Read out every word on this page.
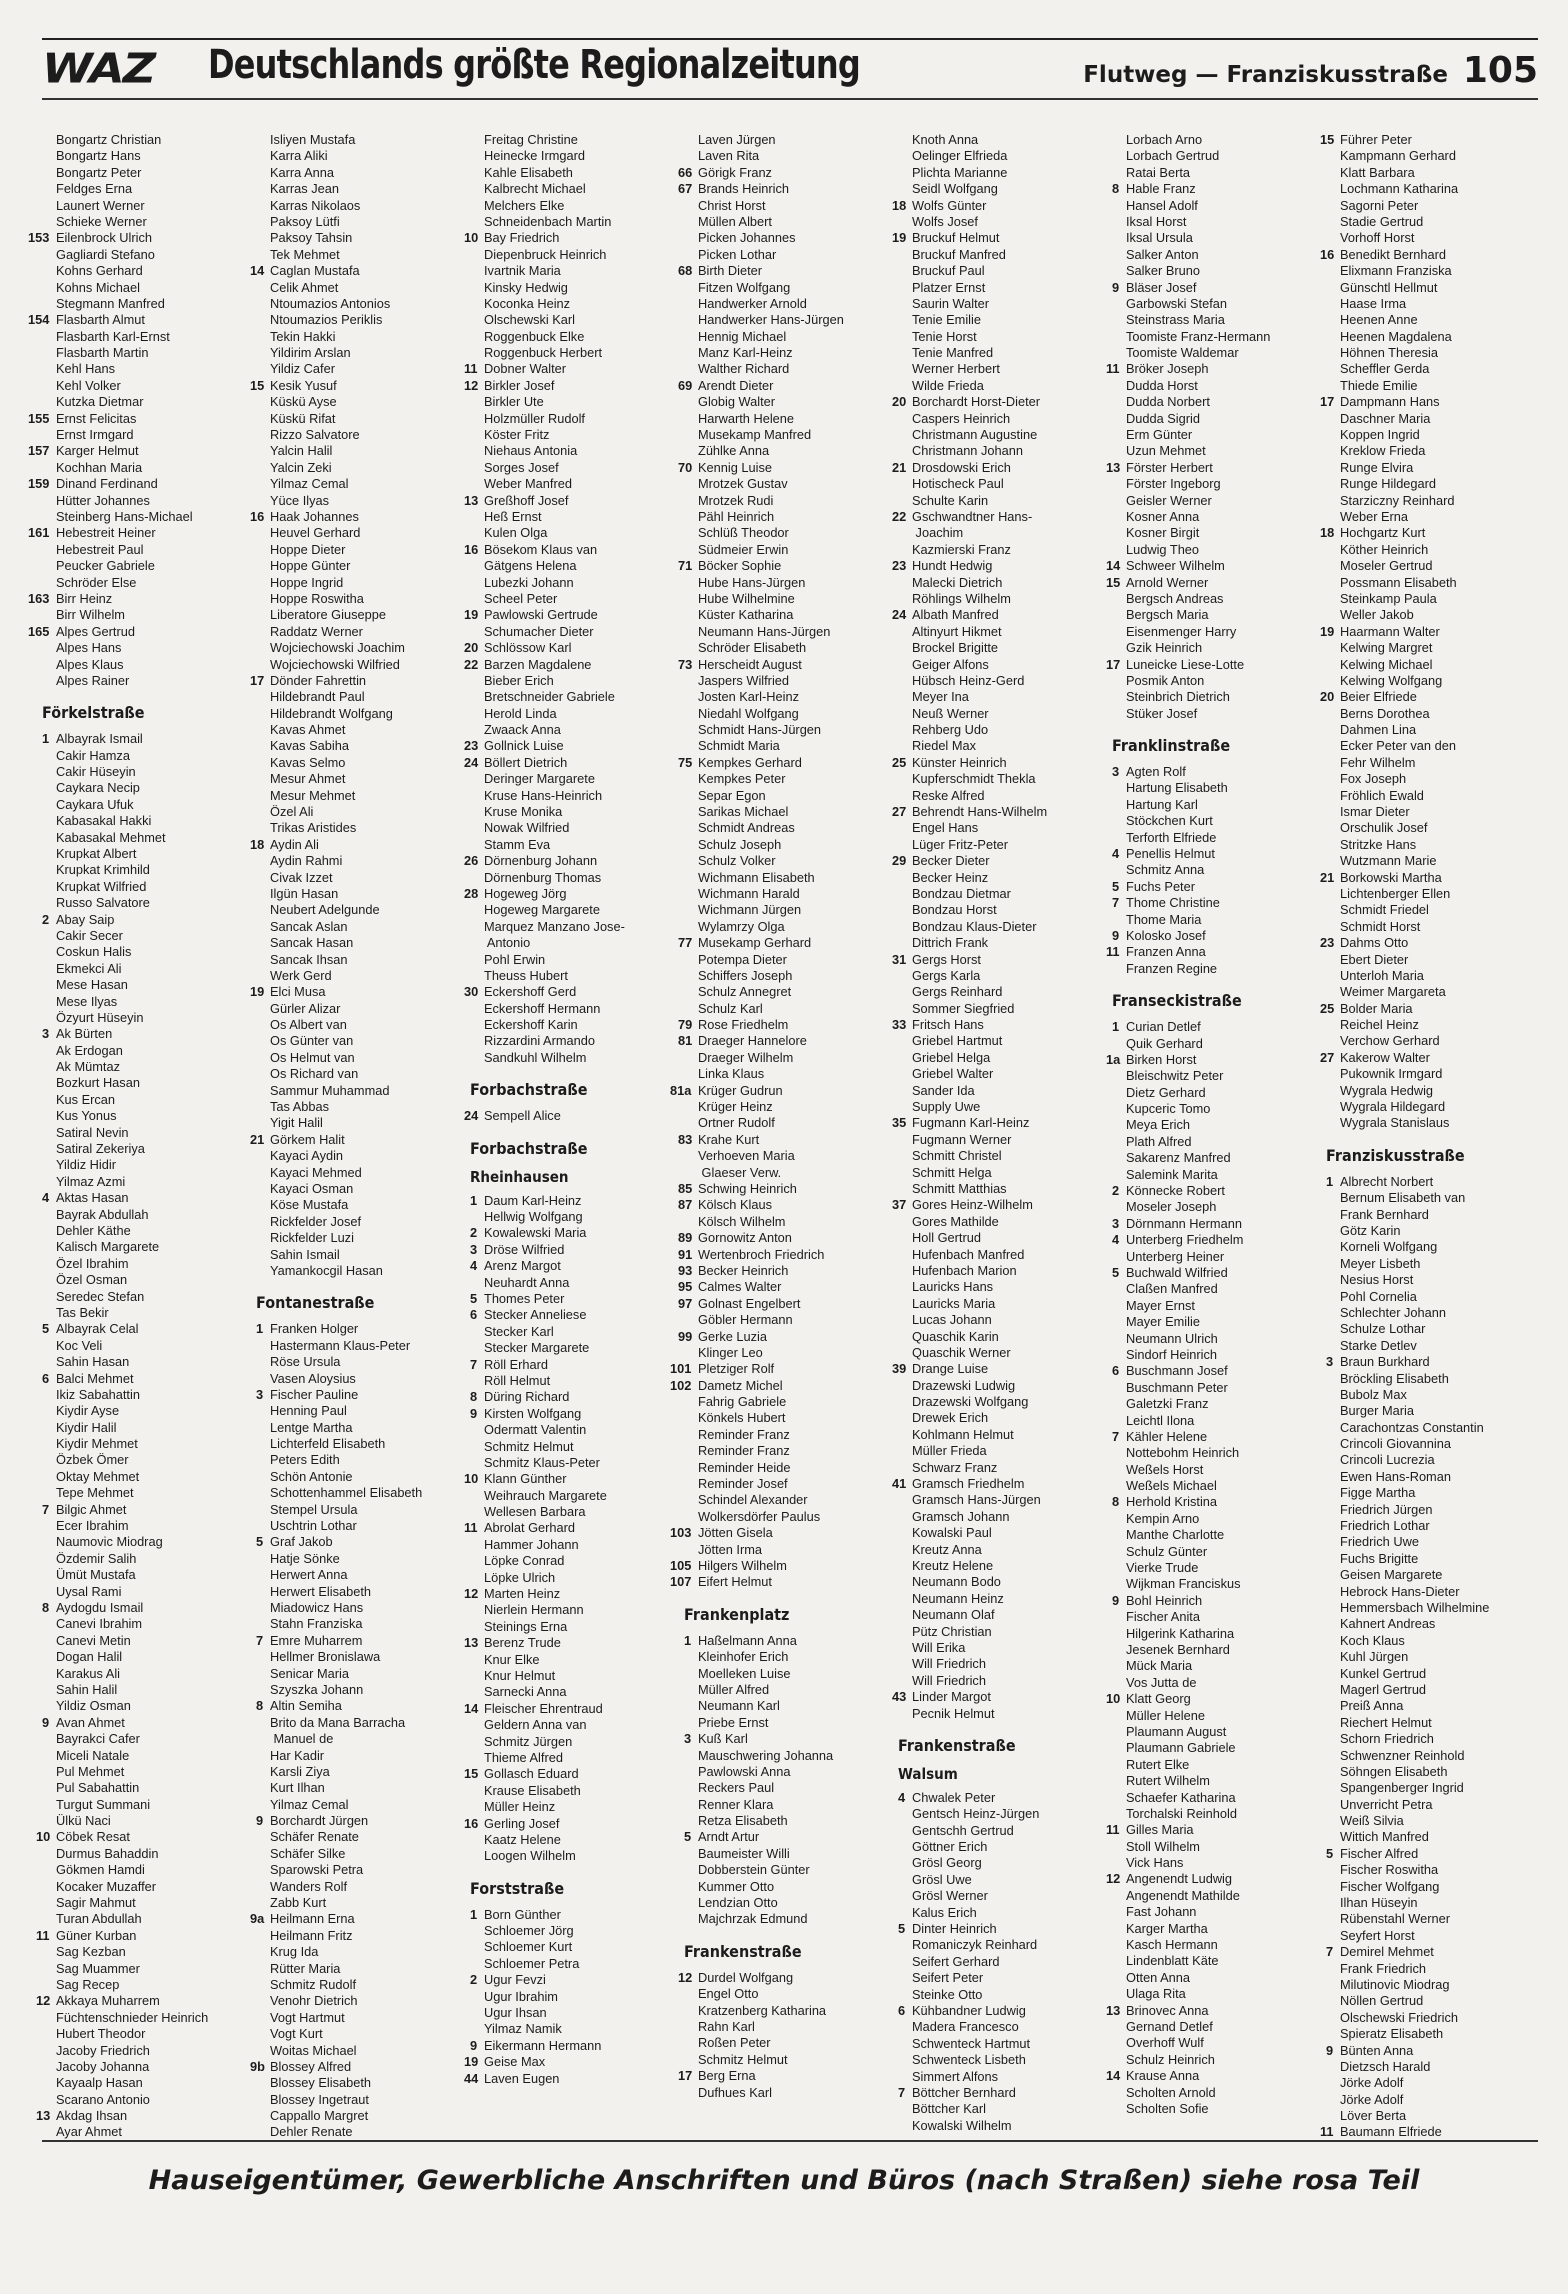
WAZ Deutschlands größte Regionalzeitung	Flutweg — Franziskusstraße 105
Bongartz Christian
Bongartz Hans
Bongartz Peter
Feldges Erna
Launert Werner
Schieke Werner
153 Eilenbrock Ulrich
Gagliardi Stefano
Kohns Gerhard
Kohns Michael
Stegmann Manfred
154 Flasbarth Almut
Flasbarth Karl-Ernst
Flasbarth Martin
Kehl Hans
Kehl Volker
Kutzka Dietmar
155 Ernst Felicitas
Ernst Irmgard
157 Karger Helmut
Kochhan Maria
159 Dinand Ferdinand
Hütter Johannes
Steinberg Hans-Michael
161 Hebestreit Heiner
Hebestreit Paul
Peucker Gabriele
Schröder Else
163 Birr Heinz
Birr Wilhelm
165 Alpes Gertrud
Alpes Hans
Alpes Klaus
Alpes Rainer
Förkelstraße
1 Albayrak Ismail
Cakir Hamza
Cakir Hüseyin
Caykara Necip
Caykara Ufuk
Kabasakal Hakki
Kabasakal Mehmet
Krupkat Albert
Krupkat Krimhild
Krupkat Wilfried
Russo Salvatore
2 Abay Saip
Cakir Secer
Coskun Halis
Ekmekci Ali
Mese Hasan
Mese Ilyas
Özyurt Hüseyin
3 Ak Bürten
Ak Erdogan
Ak Mümtaz
Bozkurt Hasan
Kus Ercan
Kus Yonus
Satiral Nevin
Satiral Zekeriya
Yildiz Hidir
Yilmaz Azmi
4 Aktas Hasan
Bayrak Abdullah
Dehler Käthe
Kalisch Margarete
Özel Ibrahim
Özel Osman
Seredec Stefan
Tas Bekir
5 Albayrak Celal
Koc Veli
Sahin Hasan
6 Balci Mehmet
Ikiz Sabahattin
Kiydir Ayse
Kiydir Halil
Kiydir Mehmet
Özbek Ömer
Oktay Mehmet
Tepe Mehmet
7 Bilgic Ahmet
Ecer Ibrahim
Naumovic Miodrag
Özdemir Salih
Ümüt Mustafa
Uysal Rami
8 Aydogdu Ismail
Canevi Ibrahim
Canevi Metin
Dogan Halil
Karakus Ali
Sahin Halil
Yildiz Osman
9 Avan Ahmet
Bayrakci Cafer
Miceli Natale
Pul Mehmet
Pul Sabahattin
Turgut Summani
Ülkü Naci
10 Cöbek Resat
Durmus Bahaddin
Gökmen Hamdi
Kocaker Muzaffer
Sagir Mahmut
Turan Abdullah
11 Güner Kurban
Sag Kezban
Sag Muammer
Sag Recep
12 Akkaya Muharrem
Füchtenschnieder Heinrich
Hubert Theodor
Jacoby Friedrich
Jacoby Johanna
Kayaalp Hasan
Scarano Antonio
13 Akdag Ihsan
Ayar Ahmet
Isliyen Mustafa
Karra Aliki
Karra Anna
Karras Jean
Karras Nikolaos
Paksoy Lütfi
Paksoy Tahsin
Tek Mehmet
14 Caglan Mustafa
Celik Ahmet
Ntoumazios Antonios
Ntoumazios Periklis
Tekin Hakki
Yildirim Arslan
Yildiz Cafer
15 Kesik Yusuf
Küskü Ayse
Küskü Rifat
Rizzo Salvatore
Yalcin Halil
Yalcin Zeki
Yilmaz Cemal
Yüce Ilyas
16 Haak Johannes
Heuvel Gerhard
Hoppe Dieter
Hoppe Günter
Hoppe Ingrid
Hoppe Roswitha
Liberatore Giuseppe
Raddatz Werner
Wojciechowski Joachim
Wojciechowski Wilfried
17 Dönder Fahrettin
Hildebrandt Paul
Hildebrandt Wolfgang
Kavas Ahmet
Kavas Sabiha
Kavas Selmo
Mesur Ahmet
Mesur Mehmet
Özel Ali
Trikas Aristides
18 Aydin Ali
Aydin Rahmi
Civak Izzet
Ilgün Hasan
Neubert Adelgunde
Sancak Aslan
Sancak Hasan
Sancak Ihsan
Werk Gerd
19 Elci Musa
Gürler Alizar
Os Albert van
Os Günter van
Os Helmut van
Os Richard van
Sammur Muhammad
Tas Abbas
Yigit Halil
21 Görkem Halit
Kayaci Aydin
Kayaci Mehmed
Kayaci Osman
Köse Mustafa
Rickfelder Josef
Rickfelder Luzi
Sahin Ismail
Yamankocgil Hasan
Fontanestraße
1 Franken Holger
Hastermann Klaus-Peter
Röse Ursula
Vasen Aloysius
3 Fischer Pauline
Henning Paul
Lentge Martha
Lichterfeld Elisabeth
Peters Edith
Schön Antonie
Schottenhammel Elisabeth
Stempel Ursula
Uschtrin Lothar
5 Graf Jakob
Hatje Sönke
Herwert Anna
Herwert Elisabeth
Miadowicz Hans
Stahn Franziska
7 Emre Muharrem
Hellmer Bronislawa
Senicar Maria
Szyszka Johann
8 Altin Semiha
Brito da Mana Barracha
Manuel de
Har Kadir
Karsli Ziya
Kurt Ilhan
Yilmaz Cemal
9 Borchardt Jürgen
Schäfer Renate
Schäfer Silke
Sparowski Petra
Wanders Rolf
Zabb Kurt
9a Heilmann Erna
Heilmann Fritz
Krug Ida
Rütter Maria
Schmitz Rudolf
Venohr Dietrich
Vogt Hartmut
Vogt Kurt
Woitas Michael
9b Blossey Alfred
Blossey Elisabeth
Blossey Ingetraut
Cappallo Margret
Dehler Renate
Freitag Christine
Heinecke Irmgard
Kahle Elisabeth
Kalbrecht Michael
Melchers Elke
Schneidenbach Martin
10 Bay Friedrich
Diepenbruck Heinrich
Ivartnik Maria
Kinsky Hedwig
Koconka Heinz
Olschewski Karl
Roggenbuck Elke
Roggenbuck Herbert
11 Dobner Walter
12 Birkler Josef
Birkler Ute
Holzmüller Rudolf
Köster Fritz
Niehaus Antonia
Sorges Josef
Weber Manfred
13 Greßhoff Josef
Heß Ernst
Kulen Olga
16 Bösekom Klaus van
Gätgens Helena
Lubezki Johann
Scheel Peter
19 Pawlowski Gertrude
Schumacher Dieter
20 Schlössow Karl
22 Barzen Magdalene
Bieber Erich
Bretschneider Gabriele
Herold Linda
Zwaack Anna
23 Gollnick Luise
24 Böllert Dietrich
Deringer Margarete
Kruse Hans-Heinrich
Kruse Monika
Nowak Wilfried
Stamm Eva
26 Dörnenburg Johann
Dörnenburg Thomas
28 Hogeweg Jörg
Hogeweg Margarete
Marquez Manzano Jose-
Antonio
Pohl Erwin
Theuss Hubert
30 Eckershoff Gerd
Eckershoff Hermann
Eckershoff Karin
Rizzardini Armando
Sandkuhl Wilhelm
Forbachstraße
24 Sempell Alice
Forbachstraße
Rheinhausen
1 Daum Karl-Heinz
Hellwig Wolfgang
2 Kowalewski Maria
3 Dröse Wilfried
4 Arenz Margot
Neuhardt Anna
5 Thomes Peter
6 Stecker Anneliese
Stecker Karl
Stecker Margarete
7 Röll Erhard
Röll Helmut
8 Düring Richard
9 Kirsten Wolfgang
Odermatt Valentin
Schmitz Helmut
Schmitz Klaus-Peter
10 Klann Günther
Weihrauch Margarete
Wellesen Barbara
11 Abrolat Gerhard
Hammer Johann
Löpke Conrad
Löpke Ulrich
12 Marten Heinz
Nierlein Hermann
Steinings Erna
13 Berenz Trude
Knur Elke
Knur Helmut
Sarnecki Anna
14 Fleischer Ehrentraud
Geldern Anna van
Schmitz Jürgen
Thieme Alfred
15 Gollasch Eduard
Krause Elisabeth
Müller Heinz
16 Gerling Josef
Kaatz Helene
Loogen Wilhelm
Forststraße
1 Born Günther
Schloemer Jörg
Schloemer Kurt
Schloemer Petra
2 Ugur Fevzi
Ugur Ibrahim
Ugur Ihsan
Yilmaz Namik
9 Eikermann Hermann
19 Geise Max
44 Laven Eugen
Laven Jürgen
Laven Rita
66 Görigk Franz
67 Brands Heinrich
Christ Horst
Müllen Albert
Picken Johannes
Picken Lothar
68 Birth Dieter
Fitzen Wolfgang
Handwerker Arnold
Handwerker Hans-Jürgen
Hennig Michael
Manz Karl-Heinz
Walther Richard
69 Arendt Dieter
Globig Walter
Harwarth Helene
Musekamp Manfred
Zühlke Anna
70 Kennig Luise
Mrotzek Gustav
Mrotzek Rudi
Pähl Heinrich
Schlüß Theodor
Südmeier Erwin
71 Böcker Sophie
Hube Hans-Jürgen
Hube Wilhelmine
Küster Katharina
Neumann Hans-Jürgen
Schröder Elisabeth
73 Herscheidt August
Jaspers Wilfried
Josten Karl-Heinz
Niedahl Wolfgang
Schmidt Hans-Jürgen
Schmidt Maria
75 Kempkes Gerhard
Kempkes Peter
Separ Egon
Sarikas Michael
Schmidt Andreas
Schulz Joseph
Schulz Volker
Wichmann Elisabeth
Wichmann Harald
Wichmann Jürgen
Wylamrzy Olga
77 Musekamp Gerhard
Potempa Dieter
Schiffers Joseph
Schulz Annegret
Schulz Karl
79 Rose Friedhelm
81 Draeger Hannelore
Draeger Wilhelm
Linka Klaus
81a Krüger Gudrun
Krüger Heinz
Ortner Rudolf
83 Krahe Kurt
Verhoeven Maria
Glaeser Verw.
85 Schwing Heinrich
87 Kölsch Klaus
Kölsch Wilhelm
89 Gornowitz Anton
91 Wertenbroch Friedrich
93 Becker Heinrich
95 Calmes Walter
97 Golnast Engelbert
Göbler Hermann
99 Gerke Luzia
Klinger Leo
101 Pletziger Rolf
102 Dametz Michel
Fahrig Gabriele
Könkels Hubert
Reminder Franz
Reminder Franz
Reminder Heide
Reminder Josef
Schindel Alexander
Wolkersdörfer Paulus
103 Jötten Gisela
Jötten Irma
105 Hilgers Wilhelm
107 Eifert Helmut
Frankenplatz
1 Haßelmann Anna
Kleinhofer Erich
Moelleken Luise
Müller Alfred
Neumann Karl
Priebe Ernst
3 Kuß Karl
Mauschwering Johanna
Pawlowski Anna
Reckers Paul
Renner Klara
Retza Elisabeth
5 Arndt Artur
Baumeister Willi
Dobberstein Günter
Kummer Otto
Lendzian Otto
Majchrzak Edmund
Frankenstraße
12 Durdel Wolfgang
Engel Otto
Kratzenberg Katharina
Rahn Karl
Roßen Peter
Schmitz Helmut
17 Berg Erna
Dufhues Karl
Knoth Anna
Oelinger Elfrieda
Plichta Marianne
Seidl Wolfgang
18 Wolfs Günter
Wolfs Josef
19 Bruckuf Helmut
Bruckuf Manfred
Bruckuf Paul
Platzer Ernst
Saurin Walter
Tenie Emilie
Tenie Horst
Tenie Manfred
Werner Herbert
Wilde Frieda
20 Borchardt Horst-Dieter
Caspers Heinrich
Christmann Augustine
Christmann Johann
21 Drosdowski Erich
Hotischeck Paul
Schulte Karin
22 Gschwandtner Hans-
Joachim
Kazmierski Franz
23 Hundt Hedwig
Malecki Dietrich
Röhlings Wilhelm
24 Albath Manfred
Altinyurt Hikmet
Brockel Brigitte
Geiger Alfons
Hübsch Heinz-Gerd
Meyer Ina
Neuß Werner
Rehberg Udo
Riedel Max
25 Künster Heinrich
Kupferschmidt Thekla
Reske Alfred
27 Behrendt Hans-Wilhelm
Engel Hans
Lüger Fritz-Peter
29 Becker Dieter
Becker Heinz
Bondzau Dietmar
Bondzau Horst
Bondzau Klaus-Dieter
Dittrich Frank
31 Gergs Horst
Gergs Karla
Gergs Reinhard
Sommer Siegfried
33 Fritsch Hans
Griebel Hartmut
Griebel Helga
Griebel Walter
Sander Ida
Supply Uwe
35 Fugmann Karl-Heinz
Fugmann Werner
Schmitt Christel
Schmitt Helga
Schmitt Matthias
37 Gores Heinz-Wilhelm
Gores Mathilde
Holl Gertrud
Hufenbach Manfred
Hufenbach Marion
Lauricks Hans
Lauricks Maria
Lucas Johann
Quaschik Karin
Quaschik Werner
39 Drange Luise
Drazewski Ludwig
Drazewski Wolfgang
Drewek Erich
Kohlmann Helmut
Müller Frieda
Schwarz Franz
41 Gramsch Friedhelm
Gramsch Hans-Jürgen
Gramsch Johann
Kowalski Paul
Kreutz Anna
Kreutz Helene
Neumann Bodo
Neumann Heinz
Neumann Olaf
Pütz Christian
Will Erika
Will Friedrich
Will Friedrich
43 Linder Margot
Pecnik Helmut
Frankenstraße
Walsum
4 Chwalek Peter
Gentsch Heinz-Jürgen
Gentschh Gertrud
Göttner Erich
Grösl Georg
Grösl Uwe
Grösl Werner
Kalus Erich
5 Dinter Heinrich
Romaniczyk Reinhard
Seifert Gerhard
Seifert Peter
Steinke Otto
6 Kühbandner Ludwig
Madera Francesco
Schwenteck Hartmut
Schwenteck Lisbeth
Simmert Alfons
7 Böttcher Bernhard
Böttcher Karl
Kowalski Wilhelm
Lorbach Arno
Lorbach Gertrud
Ratai Berta
8 Hable Franz
Hansel Adolf
Iksal Horst
Iksal Ursula
Salker Anton
Salker Bruno
9 Bläser Josef
Garbowski Stefan
Steinstrass Maria
Toomiste Franz-Hermann
Toomiste Waldemar
11 Bröker Joseph
Dudda Horst
Dudda Norbert
Dudda Sigrid
Erm Günter
Uzun Mehmet
13 Förster Herbert
Förster Ingeborg
Geisler Werner
Kosner Anna
Kosner Birgit
Ludwig Theo
14 Schweer Wilhelm
15 Arnold Werner
Bergsch Andreas
Bergsch Maria
Eisenmenger Harry
Gzik Heinrich
17 Luneicke Liese-Lotte
Posmik Anton
Steinbrich Dietrich
Stüker Josef
Franklinstraße
3 Agten Rolf
Hartung Elisabeth
Hartung Karl
Stöckchen Kurt
Terforth Elfriede
4 Penellis Helmut
Schmitz Anna
5 Fuchs Peter
7 Thome Christine
Thome Maria
9 Kolosko Josef
11 Franzen Anna
Franzen Regine
Franseckistraße
1 Curian Detlef
Quik Gerhard
1a Birken Horst
Bleischwitz Peter
Dietz Gerhard
Kupceric Tomo
Meya Erich
Plath Alfred
Sakarenz Manfred
Salemink Marita
2 Könnecke Robert
Moseler Joseph
3 Dörnmann Hermann
4 Unterberg Friedhelm
Unterberg Heiner
5 Buchwald Wilfried
Claßen Manfred
Mayer Ernst
Mayer Emilie
Neumann Ulrich
Sindorf Heinrich
6 Buschmann Josef
Buschmann Peter
Galetzki Franz
Leichtl Ilona
7 Kähler Helene
Nottebohm Heinrich
Weßels Horst
Weßels Michael
8 Herhold Kristina
Kempin Arno
Manthe Charlotte
Schulz Günter
Vierke Trude
Wijkman Franciskus
9 Bohl Heinrich
Fischer Anita
Hilgerink Katharina
Jesenek Bernhard
Mück Maria
Vos Jutta de
10 Klatt Georg
Müller Helene
Plaumann August
Plaumann Gabriele
Rutert Elke
Rutert Wilhelm
Schaefer Katharina
Torchalski Reinhold
11 Gilles Maria
Stoll Wilhelm
Vick Hans
12 Angenendt Ludwig
Angenendt Mathilde
Fast Johann
Karger Martha
Kasch Hermann
Lindenblatt Käte
Otten Anna
Ulaga Rita
13 Brinovec Anna
Gernand Detlef
Overhoff Wulf
Schulz Heinrich
14 Krause Anna
Scholten Arnold
Scholten Sofie
15 Führer Peter
Kampmann Gerhard
Klatt Barbara
Lochmann Katharina
Sagorni Peter
Stadie Gertrud
Vorhoff Horst
16 Benedikt Bernhard
Elixmann Franziska
Günschtl Hellmut
Haase Irma
Heenen Anne
Heenen Magdalena
Höhnen Theresia
Scheffler Gerda
Thiede Emilie
17 Dampmann Hans
Daschner Maria
Koppen Ingrid
Kreklow Frieda
Runge Elvira
Runge Hildegard
Starziczny Reinhard
Weber Erna
18 Hochgartz Kurt
Köther Heinrich
Moseler Gertrud
Possmann Elisabeth
Steinkamp Paula
Weller Jakob
19 Haarmann Walter
Kelwing Margret
Kelwing Michael
Kelwing Wolfgang
20 Beier Elfriede
Berns Dorothea
Dahmen Lina
Ecker Peter van den
Fehr Wilhelm
Fox Joseph
Fröhlich Ewald
Ismar Dieter
Orschulik Josef
Stritzke Hans
Wutzmann Marie
21 Borkowski Martha
Lichtenberger Ellen
Schmidt Friedel
Schmidt Horst
23 Dahms Otto
Ebert Dieter
Unterloh Maria
Weimer Margareta
25 Bolder Maria
Reichel Heinz
Verchow Gerhard
27 Kakerow Walter
Pukownik Irmgard
Wygrala Hedwig
Wygrala Hildegard
Wygrala Stanislaus
Franziskusstraße
1 Albrecht Norbert
Bernum Elisabeth van
Frank Bernhard
Götz Karin
Korneli Wolfgang
Meyer Lisbeth
Nesius Horst
Pohl Cornelia
Schlechter Johann
Schulze Lothar
Starke Detlev
3 Braun Burkhard
Bröckling Elisabeth
Bubolz Max
Burger Maria
Carachontzas Constantin
Crincoli Giovannina
Crincoli Lucrezia
Ewen Hans-Roman
Figge Martha
Friedrich Jürgen
Friedrich Lothar
Friedrich Uwe
Fuchs Brigitte
Geisen Margarete
Hebrock Hans-Dieter
Hemmersbach Wilhelmine
Kahnert Andreas
Koch Klaus
Kuhl Jürgen
Kunkel Gertrud
Magerl Gertrud
Preiß Anna
Riechert Helmut
Schorn Friedrich
Schwenzner Reinhold
Söhngen Elisabeth
Spangenberger Ingrid
Unverricht Petra
Weiß Silvia
Wittich Manfred
5 Fischer Alfred
Fischer Roswitha
Fischer Wolfgang
Ilhan Hüseyin
Rübenstahl Werner
Seyfert Horst
7 Demirel Mehmet
Frank Friedrich
Milutinovic Miodrag
Nöllen Gertrud
Olschewski Friedrich
Spieratz Elisabeth
9 Bünten Anna
Dietzsch Harald
Jörke Adolf
Jörke Adolf
Löver Berta
11 Baumann Elfriede
Hauseigentümer, Gewerbliche Anschriften und Büros (nach Straßen) siehe rosa Teil
